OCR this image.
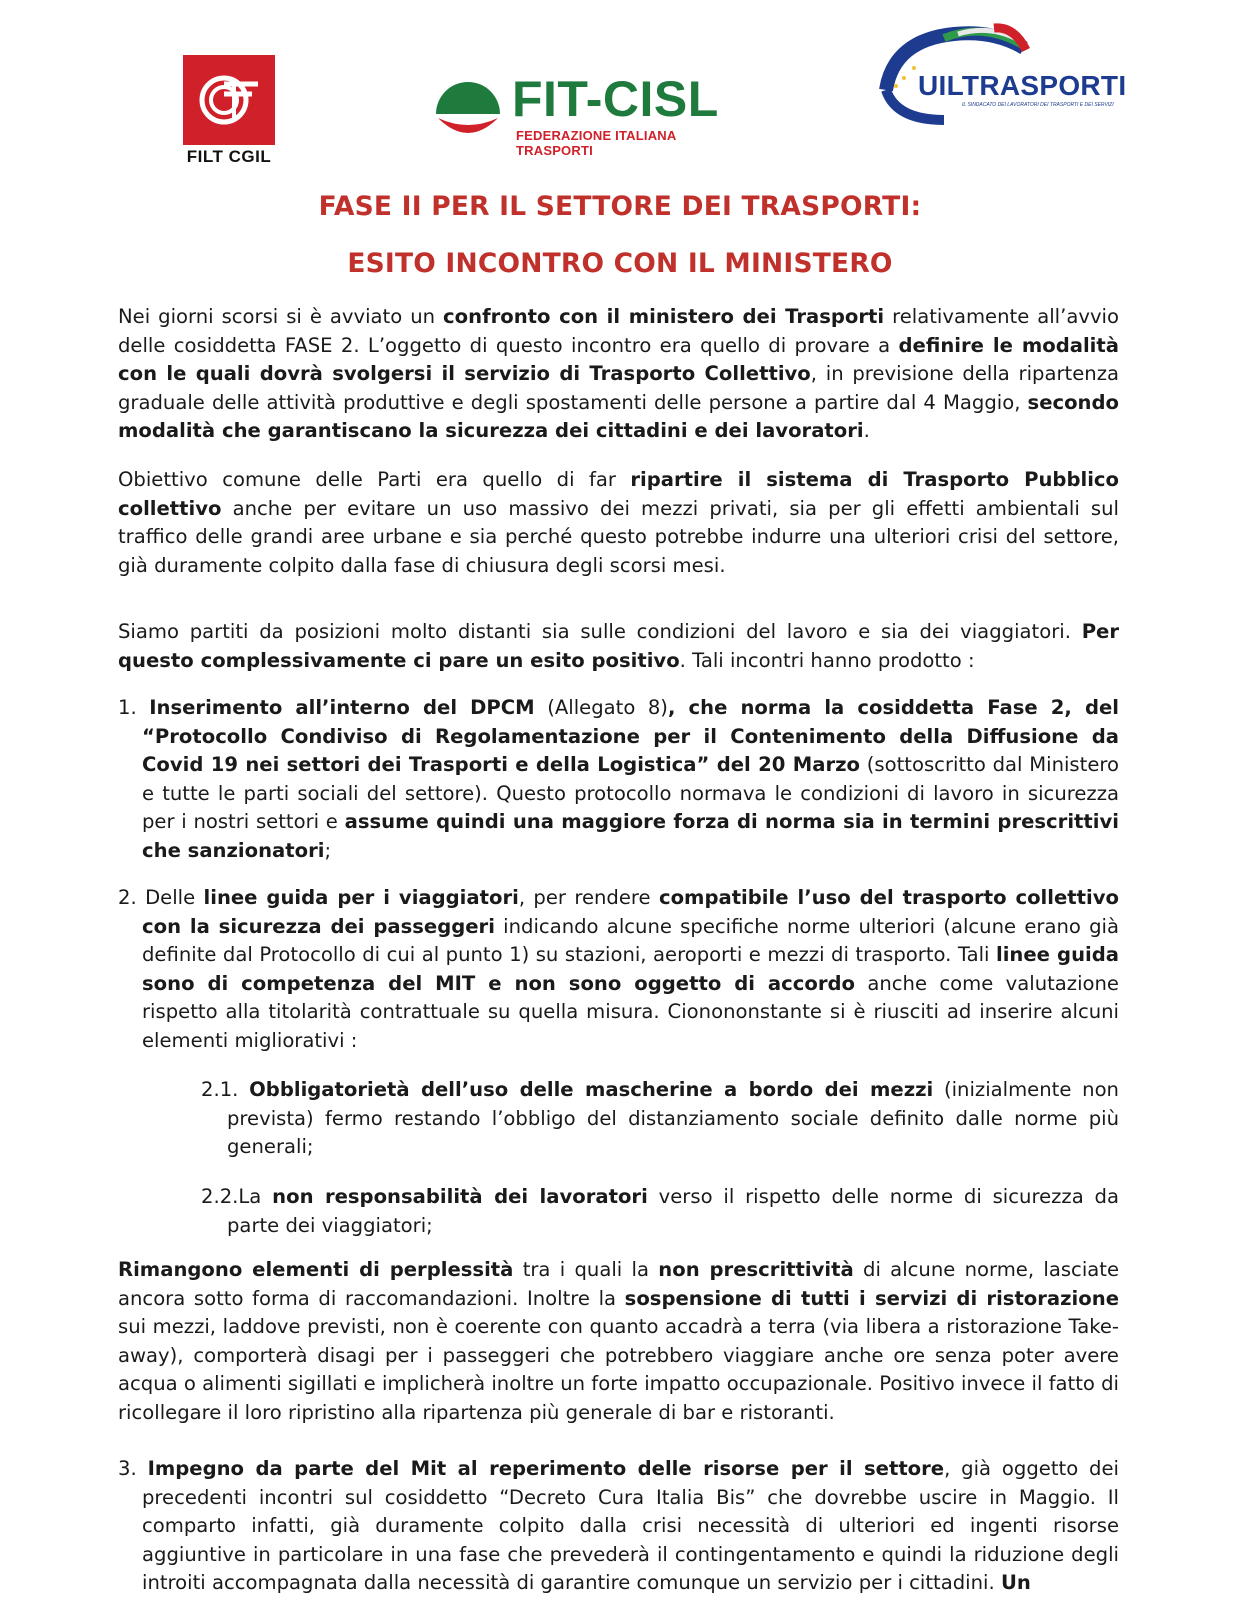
FILT CGIL
FIT-CISL
FEDERAZIONE ITALIANA TRASPORTI
UILTRASPORTI
IL SINDACATO DEI LAVORATORI DEI TRASPORTI E DEI SERVIZI
FASE II PER IL SETTORE DEI TRASPORTI:
ESITO INCONTRO CON IL MINISTERO
Nei giorni scorsi si è avviato un confronto con il ministero dei Trasporti relativamente all’avvio delle cosiddetta FASE 2. L’oggetto di questo incontro era quello di provare a definire le modalità con le quali dovrà svolgersi il servizio di Trasporto Collettivo, in previsione della ripartenza graduale delle attività produttive e degli spostamenti delle persone a partire dal 4 Maggio, secondo modalità che garantiscano la sicurezza dei cittadini e dei lavoratori.
Obiettivo comune delle Parti era quello di far ripartire il sistema di Trasporto Pubblico collettivo anche per evitare un uso massivo dei mezzi privati, sia per gli effetti ambientali sul traffico delle grandi aree urbane e sia perché questo potrebbe indurre una ulteriori crisi del settore, già duramente colpito dalla fase di chiusura degli scorsi mesi.
Siamo partiti da posizioni molto distanti sia sulle condizioni del lavoro e sia dei viaggiatori. Per questo complessivamente ci pare un esito positivo. Tali incontri hanno prodotto :
1. Inserimento all’interno del DPCM (Allegato 8), che norma la cosiddetta Fase 2, del “Protocollo Condiviso di Regolamentazione per il Contenimento della Diffusione da Covid 19 nei settori dei Trasporti e della Logistica” del 20 Marzo (sottoscritto dal Ministero e tutte le parti sociali del settore). Questo protocollo normava le condizioni di lavoro in sicurezza per i nostri settori e assume quindi una maggiore forza di norma sia in termini prescrittivi che sanzionatori;
2. Delle linee guida per i viaggiatori, per rendere compatibile l’uso del trasporto collettivo con la sicurezza dei passeggeri indicando alcune specifiche norme ulteriori (alcune erano già definite dal Protocollo di cui al punto 1) su stazioni, aeroporti e mezzi di trasporto. Tali linee guida sono di competenza del MIT e non sono oggetto di accordo anche come valutazione rispetto alla titolarità contrattuale su quella misura. Cionononstante si è riusciti ad inserire alcuni elementi migliorativi :
2.1. Obbligatorietà dell’uso delle mascherine a bordo dei mezzi (inizialmente non prevista) fermo restando l’obbligo del distanziamento sociale definito dalle norme più generali;
2.2.La non responsabilità dei lavoratori verso il rispetto delle norme di sicurezza da parte dei viaggiatori;
Rimangono elementi di perplessità tra i quali la non prescrittività di alcune norme, lasciate ancora sotto forma di raccomandazioni. Inoltre la sospensione di tutti i servizi di ristorazione sui mezzi, laddove previsti, non è coerente con quanto accadrà a terra (via libera a ristorazione Take-away), comporterà disagi per i passeggeri che potrebbero viaggiare anche ore senza poter avere acqua o alimenti sigillati e implicherà inoltre un forte impatto occupazionale. Positivo invece il fatto di ricollegare il loro ripristino alla ripartenza più generale di bar e ristoranti.
3. Impegno da parte del Mit al reperimento delle risorse per il settore, già oggetto dei precedenti incontri sul cosiddetto “Decreto Cura Italia Bis” che dovrebbe uscire in Maggio. Il comparto infatti, già duramente colpito dalla crisi necessità di ulteriori ed ingenti risorse aggiuntive in particolare in una fase che prevederà il contingentamento e quindi la riduzione degli introiti accompagnata dalla necessità di garantire comunque un servizio per i cittadini. Un
